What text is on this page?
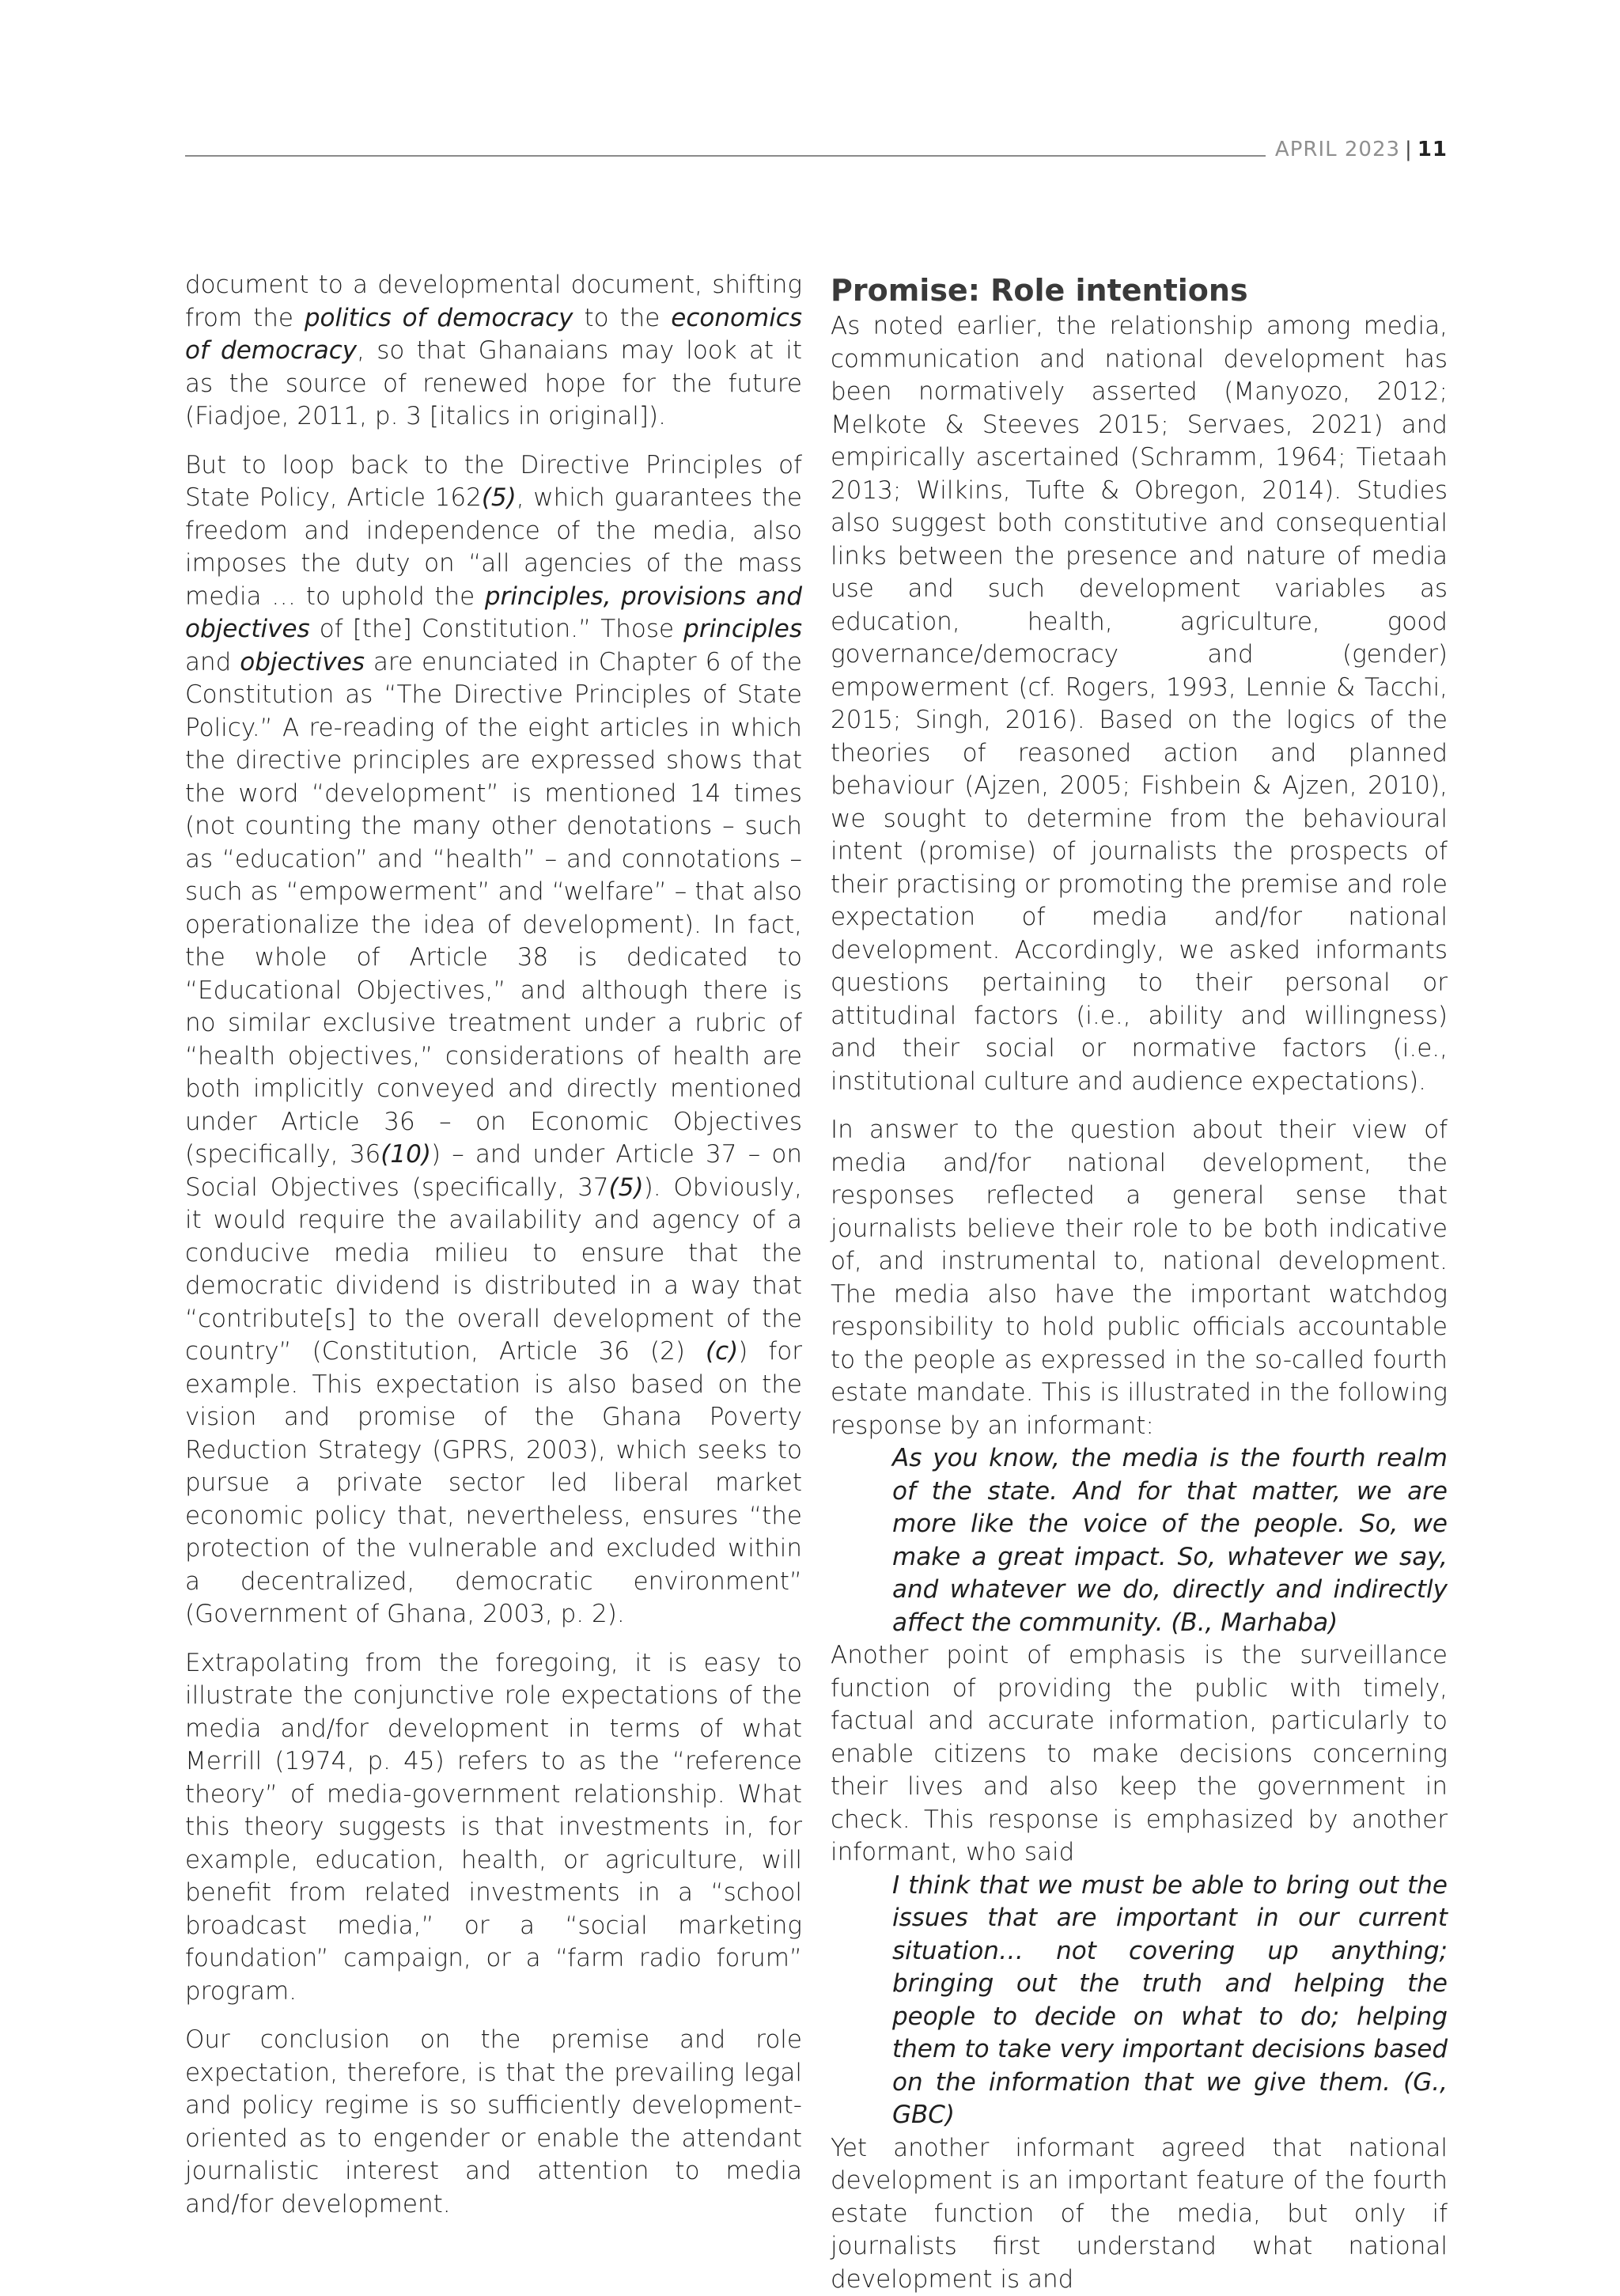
APRIL 2023 | 11

document to a developmental document, shifting from the politics of democracy to the economics of democracy, so that Ghanaians may look at it as the source of renewed hope for the future (Fiadjoe, 2011, p. 3 [italics in original]).

But to loop back to the Directive Principles of State Policy, Article 162(5), which guarantees the freedom and independence of the media, also imposes the duty on “all agencies of the mass media … to uphold the principles, provisions and objectives of [the] Constitution.” Those principles and objectives are enunciated in Chapter 6 of the Constitution as “The Directive Principles of State Policy.” A re-reading of the eight articles in which the directive principles are expressed shows that the word “development” is mentioned 14 times (not counting the many other denotations – such as “education” and “health” – and connotations – such as “empowerment” and “welfare” – that also operationalize the idea of development). In fact, the whole of Article 38 is dedicated to “Educational Objectives,” and although there is no similar exclusive treatment under a rubric of “health objectives,” considerations of health are both implicitly conveyed and directly mentioned under Article 36 – on Economic Objectives (specifically, 36(10)) – and under Article 37 – on Social Objectives (specifically, 37(5)). Obviously, it would require the availability and agency of a conducive media milieu to ensure that the democratic dividend is distributed in a way that “contribute[s] to the overall development of the country” (Constitution, Article 36 (2) (c)) for example. This expectation is also based on the vision and promise of the Ghana Poverty Reduction Strategy (GPRS, 2003), which seeks to pursue a private sector led liberal market economic policy that, nevertheless, ensures “the protection of the vulnerable and excluded within a decentralized, democratic environment” (Government of Ghana, 2003, p. 2).

Extrapolating from the foregoing, it is easy to illustrate the conjunctive role expectations of the media and/for development in terms of what Merrill (1974, p. 45) refers to as the “reference theory” of media-government relationship. What this theory suggests is that investments in, for example, education, health, or agriculture, will benefit from related investments in a “school broadcast media,” or a “social marketing foundation” campaign, or a “farm radio forum” program.

Our conclusion on the premise and role expectation, therefore, is that the prevailing legal and policy regime is so sufficiently development-oriented as to engender or enable the attendant journalistic interest and attention to media and/for development.

Promise: Role intentions

As noted earlier, the relationship among media, communication and national development has been normatively asserted (Manyozo, 2012; Melkote & Steeves 2015; Servaes, 2021) and empirically ascertained (Schramm, 1964; Tietaah 2013; Wilkins, Tufte & Obregon, 2014). Studies also suggest both constitutive and consequential links between the presence and nature of media use and such development variables as education, health, agriculture, good governance/democracy and (gender) empowerment (cf. Rogers, 1993, Lennie & Tacchi, 2015; Singh, 2016). Based on the logics of the theories of reasoned action and planned behaviour (Ajzen, 2005; Fishbein & Ajzen, 2010), we sought to determine from the behavioural intent (promise) of journalists the prospects of their practising or promoting the premise and role expectation of media and/for national development. Accordingly, we asked informants questions pertaining to their personal or attitudinal factors (i.e., ability and willingness) and their social or normative factors (i.e., institutional culture and audience expectations).

In answer to the question about their view of media and/for national development, the responses reflected a general sense that journalists believe their role to be both indicative of, and instrumental to, national development. The media also have the important watchdog responsibility to hold public officials accountable to the people as expressed in the so-called fourth estate mandate. This is illustrated in the following response by an informant:

As you know, the media is the fourth realm of the state. And for that matter, we are more like the voice of the people. So, we make a great impact. So, whatever we say, and whatever we do, directly and indirectly affect the community. (B., Marhaba)

Another point of emphasis is the surveillance function of providing the public with timely, factual and accurate information, particularly to enable citizens to make decisions concerning their lives and also keep the government in check. This response is emphasized by another informant, who said

I think that we must be able to bring out the issues that are important in our current situation… not covering up anything; bringing out the truth and helping the people to decide on what to do; helping them to take very important decisions based on the information that we give them. (G., GBC)

Yet another informant agreed that national development is an important feature of the fourth estate function of the media, but only if journalists first understand what national development is and
